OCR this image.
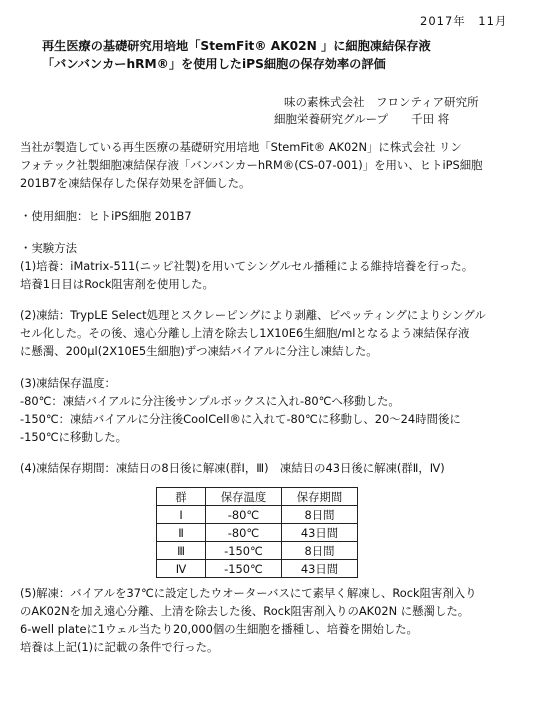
2017年　11月
再生医療の基礎研究用培地「StemFit® AK02N 」に細胞凍結保存液
「バンバンカーhRM®」を使用したiPS細胞の保存効率の評価
味の素株式会社　フロンティア研究所
細胞栄養研究グループ　　千田 将
当社が製造している再生医療の基礎研究用培地「StemFit® AK02N」に株式会社 リン
フォテック社製細胞凍結保存液「バンバンカーhRM®(CS-07-001)」を用い、ヒトiPS細胞
201B7を凍結保存した保存効果を評価した。
・使用細胞：ヒトiPS細胞 201B7
・実験方法
(1)培養：iMatrix-511(ニッピ社製)を用いてシングルセル播種による維持培養を行った。
培養1日目はRock阻害剤を使用した。
(2)凍結：TrypLE Select処理とスクレーピングにより剥離、ピペッティングによりシングル
セル化した。その後、遠心分離し上清を除去し1X10E6生細胞/mlとなるよう凍結保存液
に懸濁、200μl(2X10E5生細胞)ずつ凍結バイアルに分注し凍結した。
(3)凍結保存温度：
-80℃：凍結バイアルに分注後サンプルボックスに入れ-80℃へ移動した。
-150℃：凍結バイアルに分注後CoolCell®に入れて-80℃に移動し、20〜24時間後に
-150℃に移動した。
(4)凍結保存期間：凍結日の8日後に解凍(群Ⅰ，Ⅲ)　凍結日の43日後に解凍(群Ⅱ，Ⅳ)
群	保存温度	保存期間
Ⅰ	-80℃	8日間
Ⅱ	-80℃	43日間
Ⅲ	-150℃	8日間
Ⅳ	-150℃	43日間
(5)解凍：バイアルを37℃に設定したウオーターバスにて素早く解凍し、Rock阻害剤入り
のAK02Nを加え遠心分離、上清を除去した後、Rock阻害剤入りのAK02N に懸濁した。
6-well plateに1ウェル当たり20,000個の生細胞を播種し、培養を開始した。
培養は上記(1)に記載の条件で行った。
